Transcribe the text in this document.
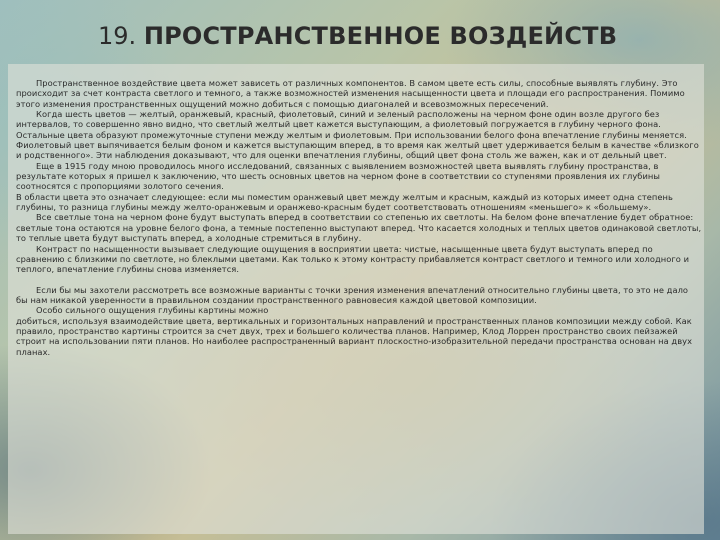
19. ПРОСТРАНСТВЕННОЕ ВОЗДЕЙСТВ

Пространственное воздействие цвета может зависеть от различных компонентов. В самом цвете есть силы, способные выявлять глубину. Это происходит за счет контраста светлого и темного, а также возможностей изменения насыщенности цвета и площади его распространения. Помимо этого изменения пространственных ощущений можно добиться с помощью диагоналей и всевозможных пересечений.

Когда шесть цветов — желтый, оранжевый, красный, фиолетовый, синий и зеленый расположены на черном фоне один возле другого без интервалов, то совершенно явно видно, что светлый желтый цвет кажется выступающим, а фиолетовый погружается в глубину черного фона. Остальные цвета образуют промежуточные ступени между желтым и фиолетовым. При использовании белого фона впечатление глубины меняется. Фиолетовый цвет выпячивается белым фоном и кажется выступающим вперед, в то время как желтый цвет удерживается белым в качестве «близкого и родственного». Эти наблюдения доказывают, что для оценки впечатления глубины, общий цвет фона столь же важен, как и от дельный цвет.

Еще в 1915 году мною проводилось много исследований, связанных с выявлением возможностей цвета выявлять глубину пространства, в результате которых я пришел к заключению, что шесть основных цветов на черном фоне в соответствии со ступенями проявления их глубины соотносятся с пропорциями золотого сечения.

В области цвета это означает следующее: если мы поместим оранжевый цвет между желтым и красным, каждый из которых имеет одна степень глубины, то разница глубины между желто-оранжевым и оранжево-красным будет соответствовать отношениям «меньшего» к «большему».

Все светлые тона на черном фоне будут выступать вперед в соответствии со степенью их светлоты. На белом фоне впечатление будет обратное: светлые тона остаются на уровне белого фона, а темные постепенно выступают вперед. Что касается холодных и теплых цветов одинаковой светлоты, то теплые цвета будут выступать вперед, а холодные стремиться в глубину.

Контраст по насыщенности вызывает следующие ощущения в восприятии цвета: чистые, насыщенные цвета будут выступать вперед по сравнению с близкими по светлоте, но блеклыми цветами. Как только к этому контрасту прибавляется контраст светлого и темного или холодного и теплого, впечатление глубины снова изменяется.

Если бы мы захотели рассмотреть все возможные варианты с точки зрения изменения впечатлений относительно глубины цвета, то это не дало бы нам никакой уверенности в правильном создании пространственного равновесия каждой цветовой композиции.

Особо сильного ощущения глубины картины можно

добиться, используя взаимодействие цвета, вертикальных и горизонтальных направлений и пространственных планов композиции между собой. Как правило, пространство картины строится за счет двух, трех и большего количества планов. Например, Клод Лоррен пространство своих пейзажей строит на использовании пяти планов. Но наиболее распространенный вариант плоскостно-изобразительной передачи пространства основан на двух планах.
